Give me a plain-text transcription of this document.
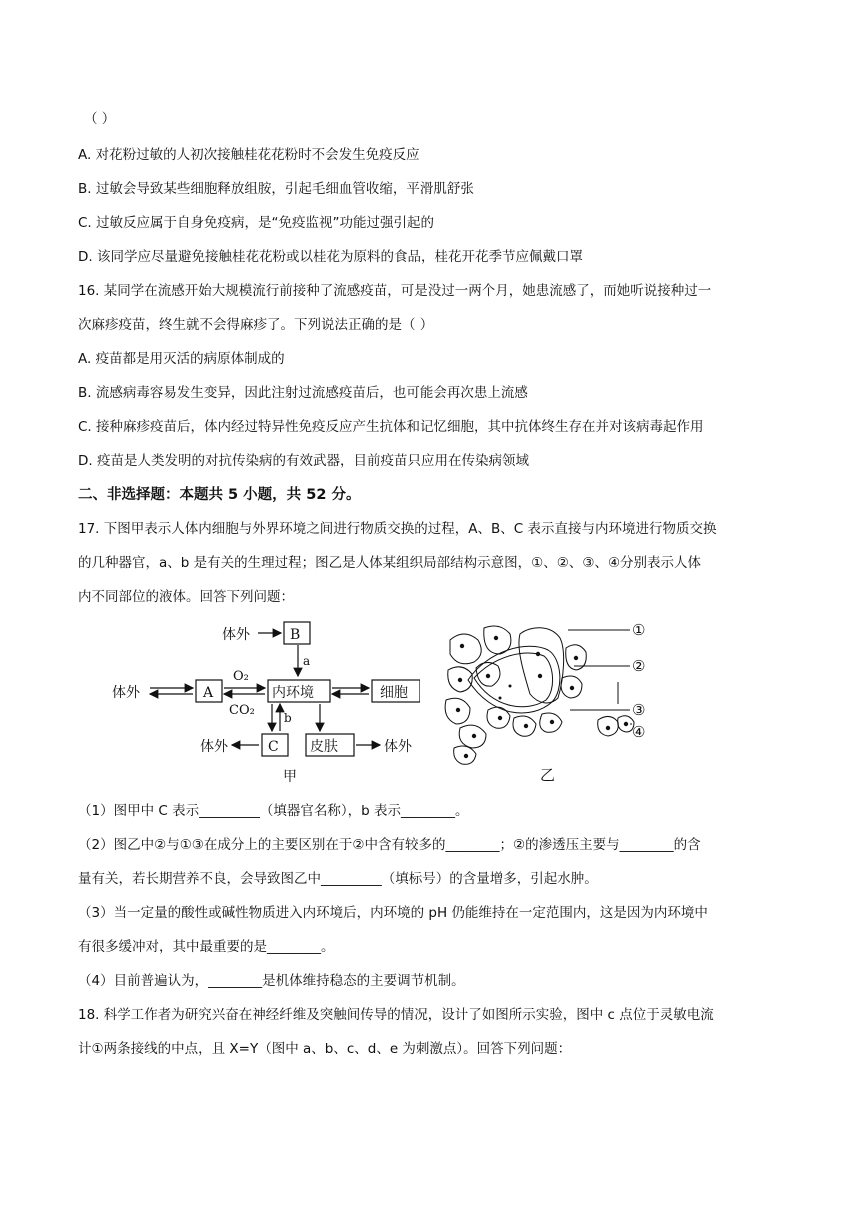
（ ）
A. 对花粉过敏的人初次接触桂花花粉时不会发生免疫反应
B. 过敏会导致某些细胞释放组胺，引起毛细血管收缩，平滑肌舒张
C. 过敏反应属于自身免疫病，是“免疫监视”功能过强引起的
D. 该同学应尽量避免接触桂花花粉或以桂花为原料的食品，桂花开花季节应佩戴口罩
16. 某同学在流感开始大规模流行前接种了流感疫苗，可是没过一两个月，她患流感了，而她听说接种过一
次麻疹疫苗，终生就不会得麻疹了。下列说法正确的是（ ）
A. 疫苗都是用灭活的病原体制成的
B. 流感病毒容易发生变异，因此注射过流感疫苗后，也可能会再次患上流感
C. 接种麻疹疫苗后，体内经过特异性免疫反应产生抗体和记忆细胞，其中抗体终生存在并对该病毒起作用
D. 疫苗是人类发明的对抗传染病的有效武器，目前疫苗只应用在传染病领域
二、非选择题：本题共 5 小题，共 52 分。
17. 下图甲表示人体内细胞与外界环境之间进行物质交换的过程，A、B、C 表示直接与内环境进行物质交换
的几种器官，a、b 是有关的生理过程；图乙是人体某组织局部结构示意图，①、②、③、④分别表示人体
内不同部位的液体。回答下列问题：
体外	B
a
O₂
体外	A	内环境	细胞
CO₂ b
体外	C 皮肤	体外
甲
①
②
③
④
乙
（1）图甲中 C 表示_________（填器官名称），b 表示________。
（2）图乙中②与①③在成分上的主要区别在于②中含有较多的________；②的渗透压主要与________的含
量有关，若长期营养不良，会导致图乙中_________（填标号）的含量增多，引起水肿。
（3）当一定量的酸性或碱性物质进入内环境后，内环境的 pH 仍能维持在一定范围内，这是因为内环境中
有很多缓冲对，其中最重要的是________。
（4）目前普遍认为，________是机体维持稳态的主要调节机制。
18. 科学工作者为研究兴奋在神经纤维及突触间传导的情况，设计了如图所示实验，图中 c 点位于灵敏电流
计①两条接线的中点，且 X=Y（图中 a、b、c、d、e 为刺激点）。回答下列问题：
